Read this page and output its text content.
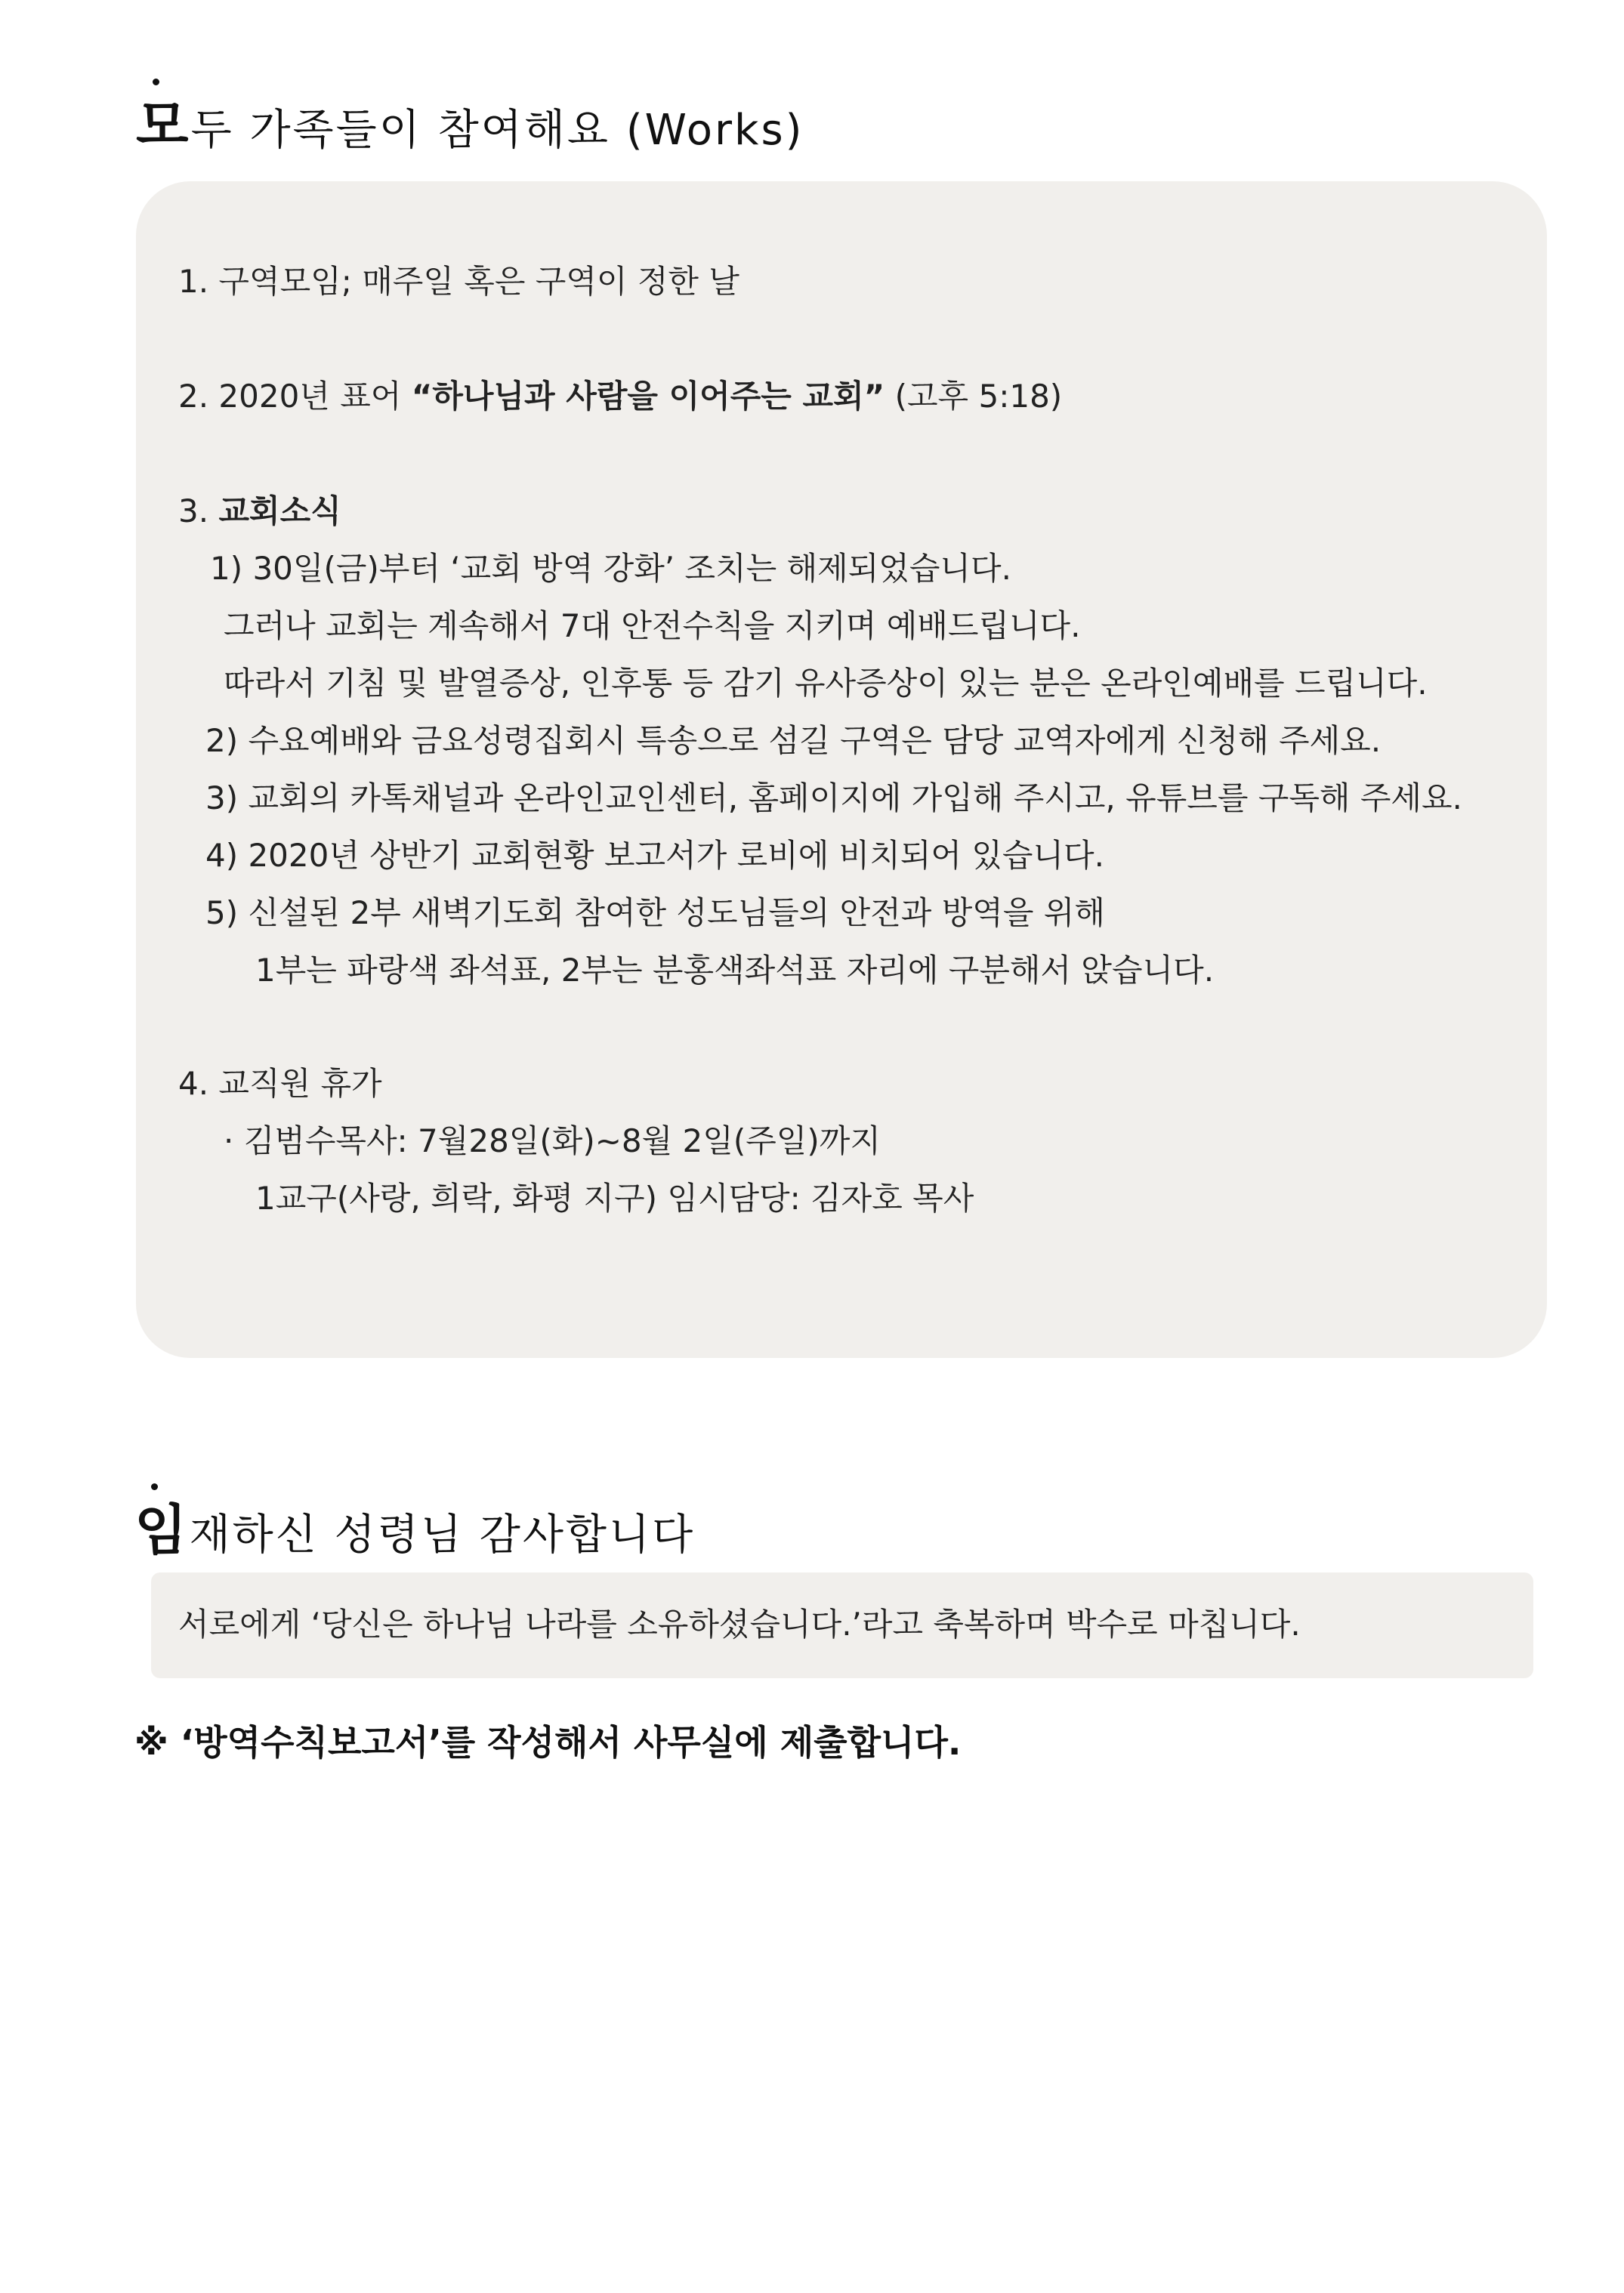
모두 가족들이 참여해요 (Works)
1. 구역모임; 매주일 혹은 구역이 정한 날
2. 2020년 표어 “하나님과 사람을 이어주는 교회” (고후 5:18)
3. 교회소식
1) 30일(금)부터 ‘교회 방역 강화’ 조치는 해제되었습니다.
그러나 교회는 계속해서 7대 안전수칙을 지키며 예배드립니다.
따라서 기침 및 발열증상, 인후통 등 감기 유사증상이 있는 분은 온라인예배를 드립니다.
2) 수요예배와 금요성령집회시 특송으로 섬길 구역은 담당 교역자에게 신청해 주세요.
3) 교회의 카톡채널과 온라인교인센터, 홈페이지에 가입해 주시고, 유튜브를 구독해 주세요.
4) 2020년 상반기 교회현황 보고서가 로비에 비치되어 있습니다.
5) 신설된 2부 새벽기도회 참여한 성도님들의 안전과 방역을 위해
1부는 파랑색 좌석표, 2부는 분홍색좌석표 자리에 구분해서 앉습니다.
4. 교직원 휴가
· 김범수목사: 7월28일(화)~8월 2일(주일)까지
1교구(사랑, 희락, 화평 지구) 임시담당: 김자호 목사
임재하신 성령님 감사합니다
서로에게 ‘당신은 하나님 나라를 소유하셨습니다.’라고 축복하며 박수로 마칩니다.
※ ‘방역수칙보고서’를 작성해서 사무실에 제출합니다.
